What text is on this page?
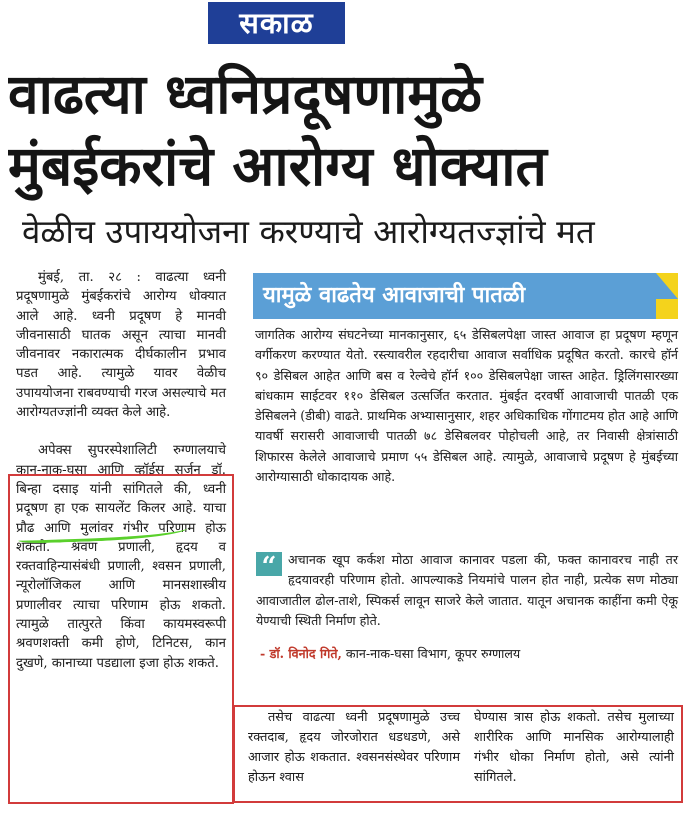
सकाळ
वाढत्या ध्वनिप्रदूषणामुळे
मुंबईकरांचे आरोग्य धोक्यात
वेळीच उपाययोजना करण्याचे आरोग्यतज्ज्ञांचे मत

मुंबई, ता. २८ : वाढत्या ध्वनी प्रदूषणामुळे मुंबईकरांचे आरोग्य धोक्यात आले आहे. ध्वनी प्रदूषण हे मानवी जीवनासाठी घातक असून त्याचा मानवी जीवनावर नकारात्मक दीर्घकालीन प्रभाव पडत आहे. त्यामुळे यावर वेळीच उपाययोजना राबवण्याची गरज असल्याचे मत आरोग्यतज्ज्ञांनी व्यक्त केले आहे.

अपेक्स सुपरस्पेशालिटी रुग्णालयाचे कान-नाक-घसा आणि व्हॉईस सर्जन डॉ. बिन्हा दसाइ यांनी सांगितले की, ध्वनी प्रदूषण हा एक सायलेंट किलर आहे. याचा प्रौढ आणि मुलांवर गंभीर परिणाम होऊ शकतो. श्रवण प्रणाली, हृदय व रक्तवाहिन्यासंबंधी प्रणाली, श्वसन प्रणाली, न्यूरोलॉजिकल आणि मानसशास्त्रीय प्रणालीवर त्याचा परिणाम होऊ शकतो. त्यामुळे तात्पुरते किंवा कायमस्वरूपी श्रवणशक्ती कमी होणे, टिनिटस, कान दुखणे, कानाच्या पडद्याला इजा होऊ शकते.

यामुळे वाढतेय आवाजाची पातळी
जागतिक आरोग्य संघटनेच्या मानकानुसार, ६५ डेसिबलपेक्षा जास्त आवाज हा प्रदूषण म्हणून वर्गीकरण करण्यात येतो. रस्त्यावरील रहदारीचा आवाज सर्वाधिक प्रदूषित करतो. कारचे हॉर्न ९० डेसिबल आहेत आणि बस व रेल्वेचे हॉर्न १०० डेसिबलपेक्षा जास्त आहेत. ड्रिलिंगसारख्या बांधकाम साईटवर ११० डेसिबल उत्सर्जित करतात. मुंबईत दरवर्षी आवाजाची पातळी एक डेसिबलने (डीबी) वाढते. प्राथमिक अभ्यासानुसार, शहर अधिकाधिक गोंगाटमय होत आहे आणि यावर्षी सरासरी आवाजाची पातळी ७८ डेसिबलवर पोहोचली आहे, तर निवासी क्षेत्रांसाठी शिफारस केलेले आवाजाचे प्रमाण ५५ डेसिबल आहे. त्यामुळे, आवाजाचे प्रदूषण हे मुंबईच्या आरोग्यासाठी धोकादायक आहे.
“ अचानक खूप कर्कश मोठा आवाज कानावर पडला की, फक्त कानावरच नाही तर हृदयावरही परिणाम होतो. आपल्याकडे नियमांचे पालन होत नाही, प्रत्येक सण मोठ्या आवाजातील ढोल-ताशे, स्पिकर्स लावून साजरे केले जातात. यातून अचानक काहींना कमी ऐकू येण्याची स्थिती निर्माण होते.
- डॉ. विनोद गिते, कान-नाक-घसा विभाग, कूपर रुग्णालय
तसेच वाढत्या ध्वनी प्रदूषणामुळे उच्च रक्तदाब, हृदय जोरजोरात धडधडणे, असे आजार होऊ शकतात. श्वसनसंस्थेवर परिणाम होऊन श्वास
घेण्यास त्रास होऊ शकतो. तसेच मुलाच्या शारीरिक आणि मानसिक आरोग्यालाही गंभीर धोका निर्माण होतो, असे त्यांनी सांगितले.
